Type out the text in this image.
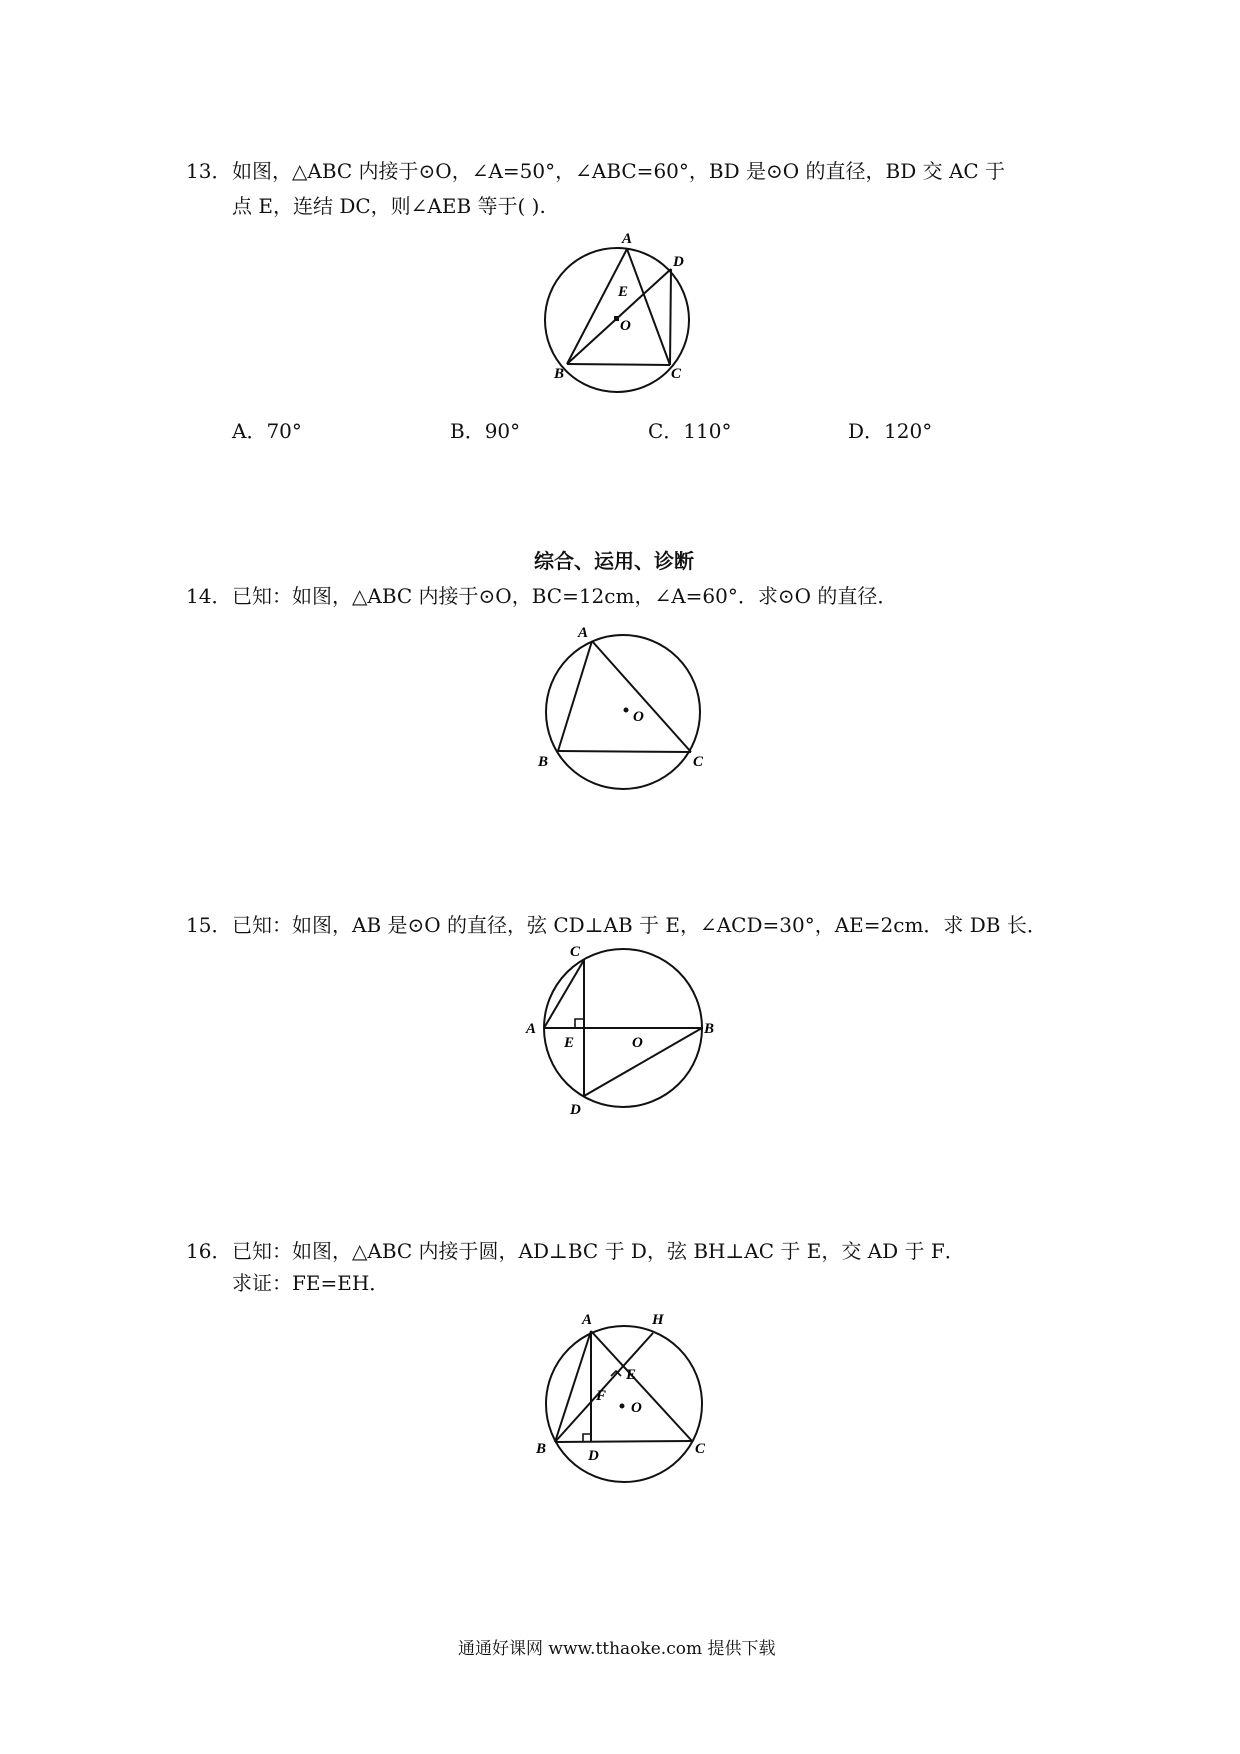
13． 如图，△ABC 内接于⊙O，∠A=50°，∠ABC=60°，BD 是⊙O 的直径，BD 交 AC 于
点 E，连结 DC，则∠AEB 等于( ).
A
B	C
D
E
O
A．70°	B．90°	C．110°	D．120°
综合、运用、诊断
14． 已知：如图，△ABC 内接于⊙O，BC=12cm，∠A=60°．求⊙O 的直径．
A
B	C
O
15． 已知：如图，AB 是⊙O 的直径，弦 CD⊥AB 于 E，∠ACD=30°，AE=2cm．求 DB 长．
C
A
E	O
B
D
16． 已知：如图，△ABC 内接于圆，AD⊥BC 于 D，弦 BH⊥AC 于 E，交 AD 于 F．
求证：FE=EH．
A	H
E
F
O
B	D	C
通通好课网 www.tthaoke.com 提供下载
